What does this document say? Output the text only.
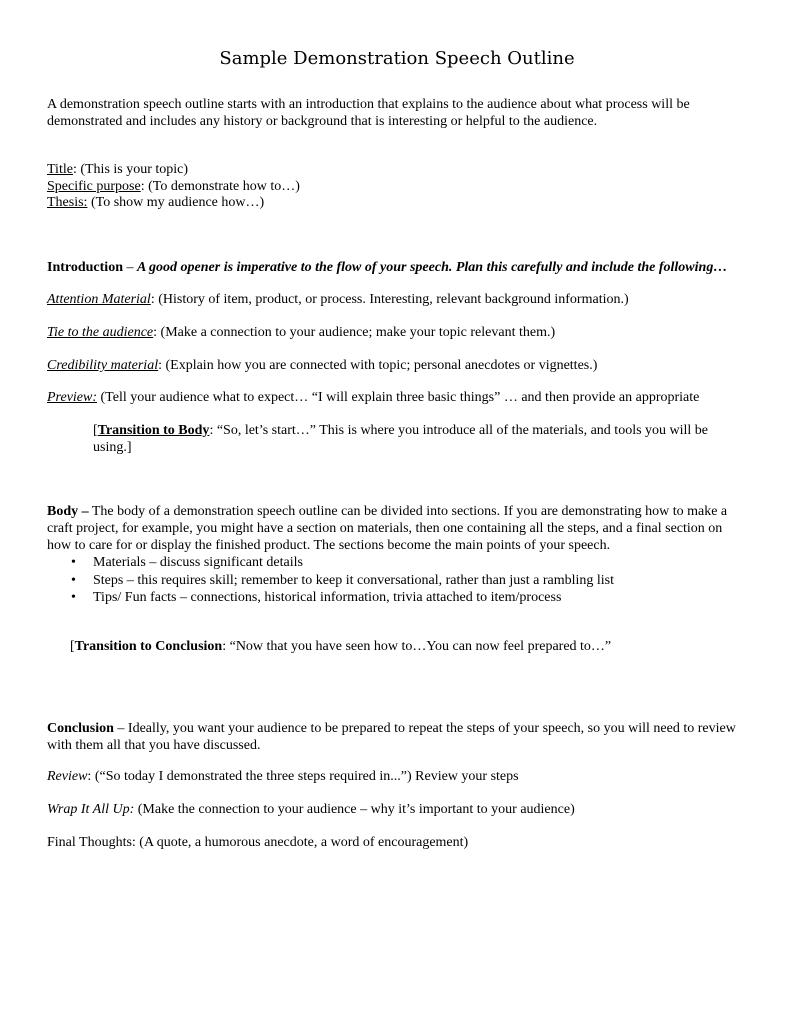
Sample Demonstration Speech Outline
A demonstration speech outline starts with an introduction that explains to the audience about what process will be demonstrated and includes any history or background that is interesting or helpful to the audience.
Title: (This is your topic)
Specific purpose: (To demonstrate how to…)
Thesis: (To show my audience how…)
Introduction – A good opener is imperative to the flow of your speech. Plan this carefully and include the following…
Attention Material: (History of item, product, or process. Interesting, relevant background information.)
Tie to the audience: (Make a connection to your audience; make your topic relevant them.)
Credibility material: (Explain how you are connected with topic; personal anecdotes or vignettes.)
Preview: (Tell your audience what to expect… “I will explain three basic things” … and then provide an appropriate
[Transition to Body: “So, let’s start…” This is where you introduce all of the materials, and tools you will be using.]
Body – The body of a demonstration speech outline can be divided into sections. If you are demonstrating how to make a craft project, for example, you might have a section on materials, then one containing all the steps, and a final section on how to care for or display the finished product. The sections become the main points of your speech.
• Materials – discuss significant details
• Steps – this requires skill; remember to keep it conversational, rather than just a rambling list
• Tips/ Fun facts – connections, historical information, trivia attached to item/process
[Transition to Conclusion: “Now that you have seen how to…You can now feel prepared to…”
Conclusion – Ideally, you want your audience to be prepared to repeat the steps of your speech, so you will need to review with them all that you have discussed.
Review: (“So today I demonstrated the three steps required in...”) Review your steps
Wrap It All Up: (Make the connection to your audience – why it’s important to your audience)
Final Thoughts: (A quote, a humorous anecdote, a word of encouragement)
